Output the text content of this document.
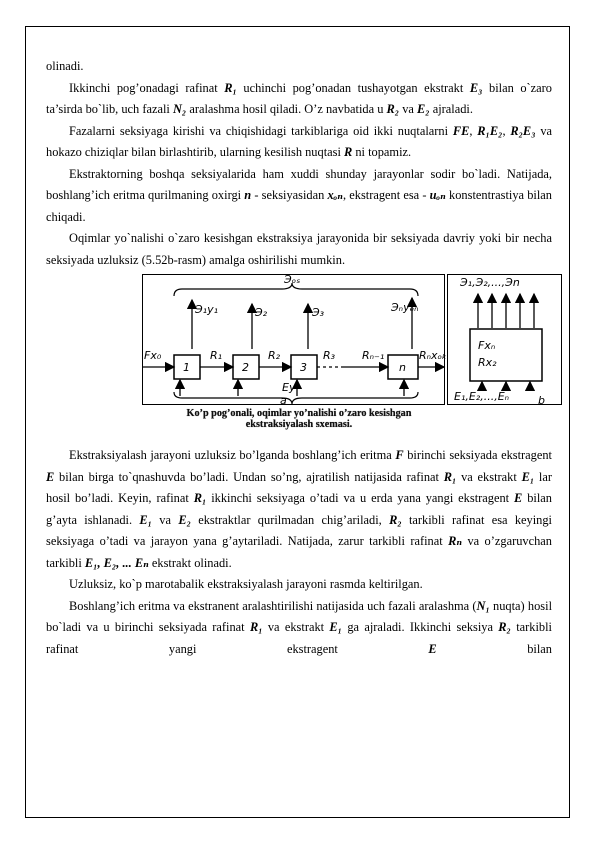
olinadi.

Ikkinchi pog’onadagi rafinat R₁ uchinchi pog’onadan tushayotgan ekstrakt E₃ bilan o`zaro ta’sirda bo`lib, uch fazali N₂ aralashma hosil qiladi. O’z navbatida u R₂ va E₂ ajraladi.

Fazalarni seksiyaga kirishi va chiqishidagi tarkiblariga oid ikki nuqtalarni FE, R₁E₂, R₂E₃ va hokazo chiziqlar bilan birlashtirib, ularning kesilish nuqtasi R ni topamiz.

Ekstraktorning boshqa seksiyalarida ham xuddi shunday jarayonlar sodir bo`ladi. Natijada, boshlang’ich eritma qurilmaning oxirgi n - seksiyasidan xₒₙ, ekstragent esa - uₒₙ konstentrastiya bilan chiqadi.

Oqimlar yo`nalishi o`zaro kesishgan ekstraksiya jarayonida bir seksiyada davriy yoki bir necha seksiyada uzluksiz (5.52b-rasm) amalga oshirilishi mumkin.

Эₒₛ
Э₁y₁	Э₂	Э₃	Эₙyₑₙ
1	2	3	n
Fx₀	R₁	R₂	R₃ Rₙ₋₁	Rₙxₒₖ
Ey
Э₁,Э₂,...,Эn
Fxₙ
Rx₂
E₁,E₂,...,Eₙ	b
a
Ko’p pog’onali, oqimlar yo’nalishi o’zaro kesishgan
ekstraksiyalash sxemasi.

Ekstraksiyalash jarayoni uzluksiz bo’lganda boshlang’ich eritma F birinchi seksiyada ekstragent E bilan birga to`qnashuvda bo’ladi. Undan so’ng, ajratilish natijasida rafinat R₁ va ekstrakt E₁ lar hosil bo’ladi. Keyin, rafinat R₁ ikkinchi seksiyaga o’tadi va u erda yana yangi ekstragent E bilan g’ayta ishlanadi. E₁ va E₂ ekstraktlar qurilmadan chig’ariladi, R₂ tarkibli rafinat esa keyingi seksiyaga o’tadi va jarayon yana g’aytariladi. Natijada, zarur tarkibli rafinat Rₙ va o’zgaruvchan tarkibli E₁, E₂, ... Eₙ ekstrakt olinadi.

Uzluksiz, ko`p marotabalik ekstraksiyalash jarayoni rasmda keltirilgan.

Boshlang’ich eritma va ekstranent aralashtirilishi natijasida uch fazali aralashma (N₁ nuqta) hosil bo`ladi va u birinchi seksiyada rafinat R₁ va ekstrakt E₁ ga ajraladi. Ikkinchi seksiya R₂ tarkibli rafinat yangi ekstragent E bilan
